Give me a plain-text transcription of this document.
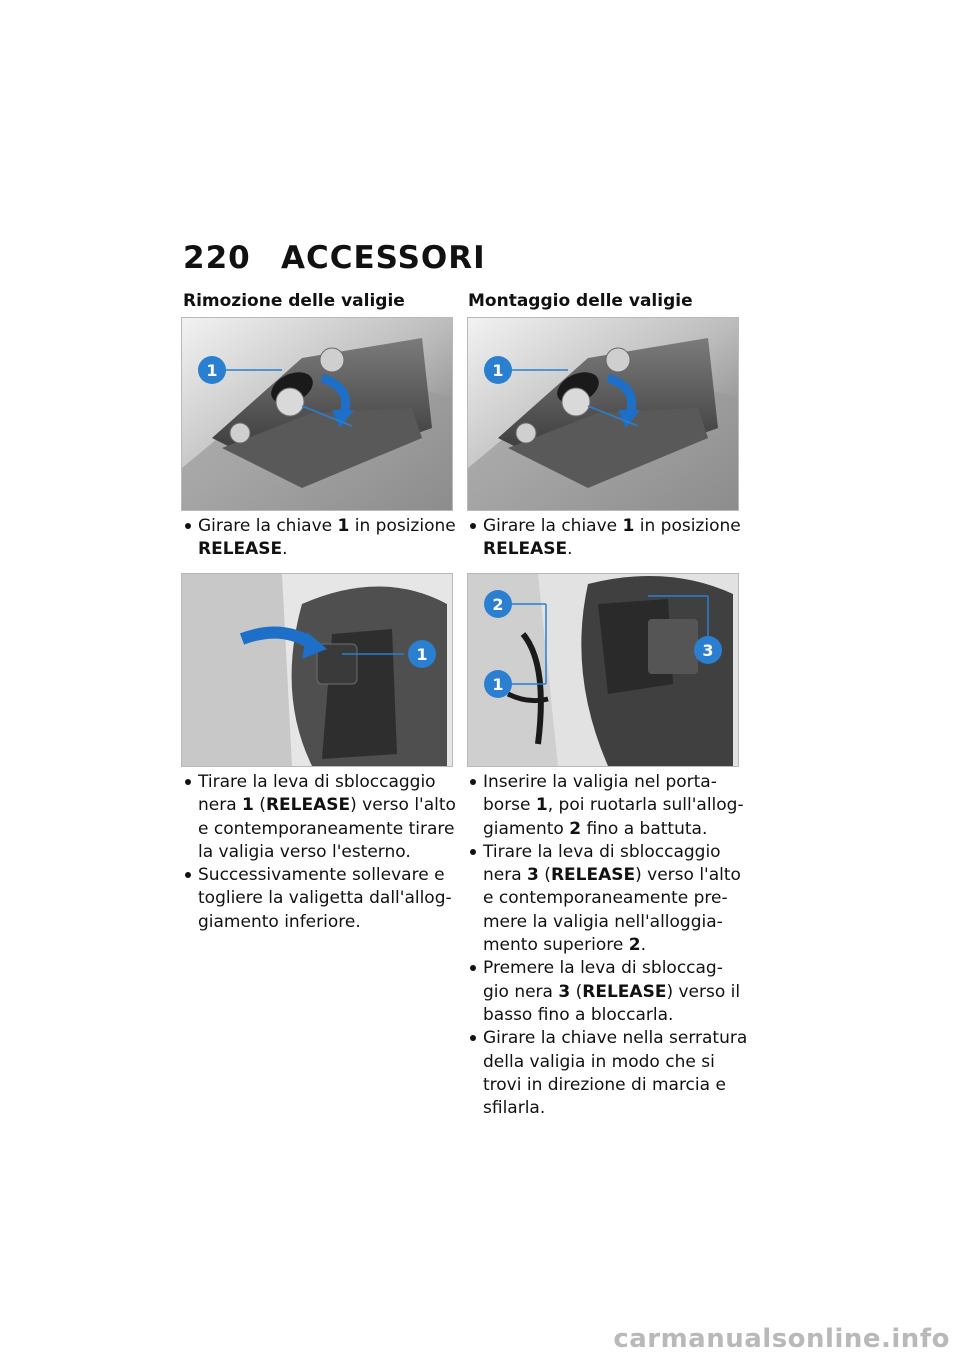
220 ACCESSORI
Rimozione delle valigie
1
Girare la chiave 1 in posizione
RELEASE.
1
Tirare la leva di sbloccaggio
nera 1 (RELEASE) verso l'alto
e contemporaneamente tirare
la valigia verso l'esterno.
Successivamente sollevare e
togliere la valigetta dall'allog-
giamento inferiore.
Montaggio delle valigie
1
Girare la chiave 1 in posizione
RELEASE.
2
1
3
Inserire la valigia nel porta-
borse 1, poi ruotarla sull'allog-
giamento 2 fino a battuta.
Tirare la leva di sbloccaggio
nera 3 (RELEASE) verso l'alto
e contemporaneamente pre-
mere la valigia nell'alloggia-
mento superiore 2.
Premere la leva di sbloccag-
gio nera 3 (RELEASE) verso il
basso fino a bloccarla.
Girare la chiave nella serratura
della valigia in modo che si
trovi in direzione di marcia e
sfilarla.
carmanualsonline.info
